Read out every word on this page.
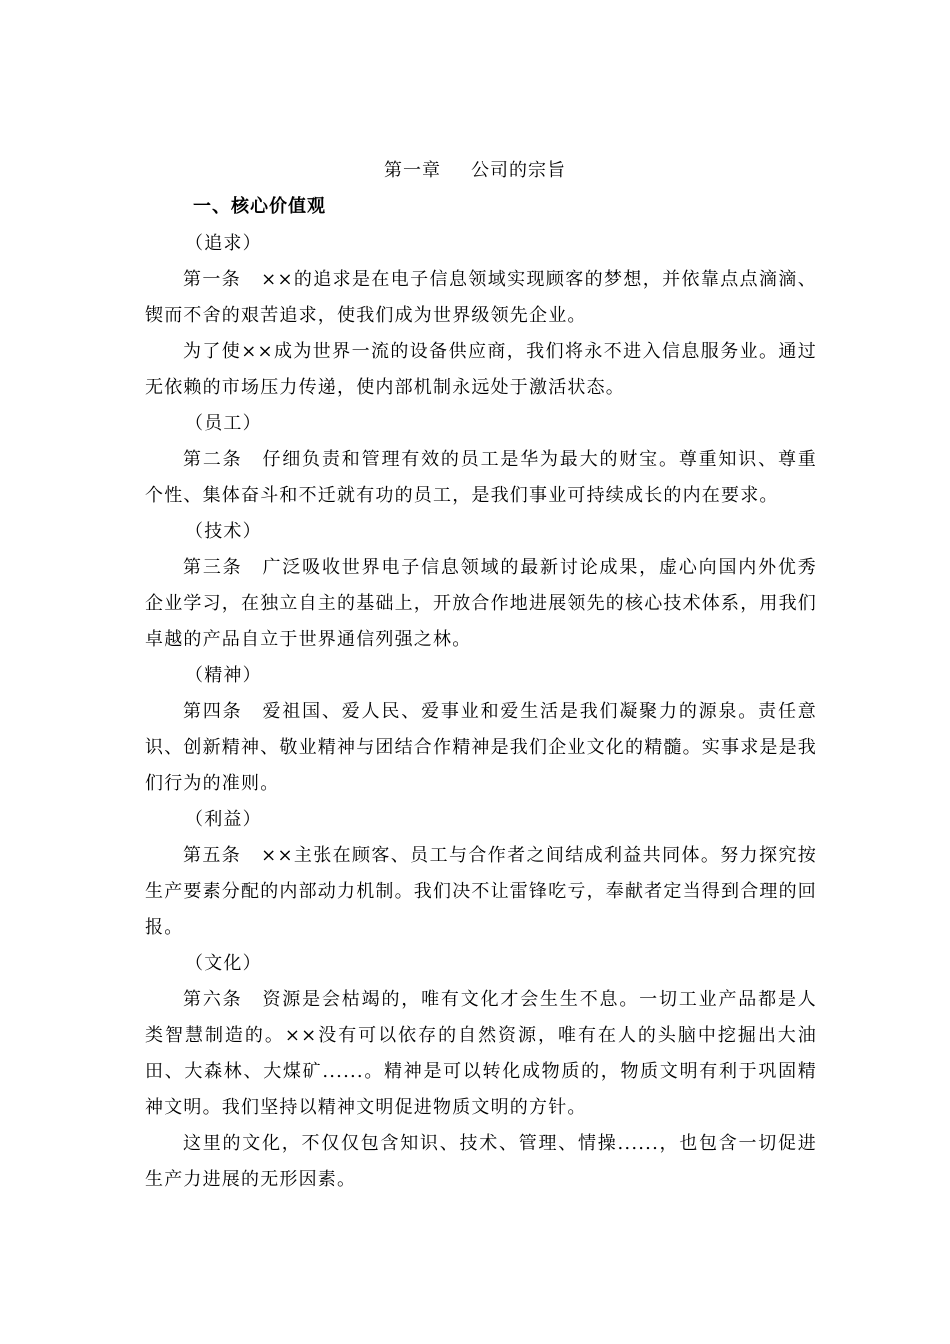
第一章 公司的宗旨
一、核心价值观

（追求）

第一条 ××的追求是在电子信息领域实现顾客的梦想，并依靠点点滴滴、锲而不舍的艰苦追求，使我们成为世界级领先企业。

为了使××成为世界一流的设备供应商，我们将永不进入信息服务业。通过无依赖的市场压力传递，使内部机制永远处于激活状态。

（员工）

第二条 仔细负责和管理有效的员工是华为最大的财宝。尊重知识、尊重个性、集体奋斗和不迁就有功的员工，是我们事业可持续成长的内在要求。

（技术）

第三条 广泛吸收世界电子信息领域的最新讨论成果，虚心向国内外优秀企业学习，在独立自主的基础上，开放合作地进展领先的核心技术体系，用我们卓越的产品自立于世界通信列强之林。

（精神）

第四条 爱祖国、爱人民、爱事业和爱生活是我们凝聚力的源泉。责任意识、创新精神、敬业精神与团结合作精神是我们企业文化的精髓。实事求是是我们行为的准则。

（利益）

第五条 ××主张在顾客、员工与合作者之间结成利益共同体。努力探究按生产要素分配的内部动力机制。我们决不让雷锋吃亏，奉献者定当得到合理的回报。

（文化）

第六条 资源是会枯竭的，唯有文化才会生生不息。一切工业产品都是人类智慧制造的。××没有可以依存的自然资源，唯有在人的头脑中挖掘出大油田、大森林、大煤矿......。精神是可以转化成物质的，物质文明有利于巩固精神文明。我们坚持以精神文明促进物质文明的方针。

这里的文化，不仅仅包含知识、技术、管理、情操......，也包含一切促进生产力进展的无形因素。
